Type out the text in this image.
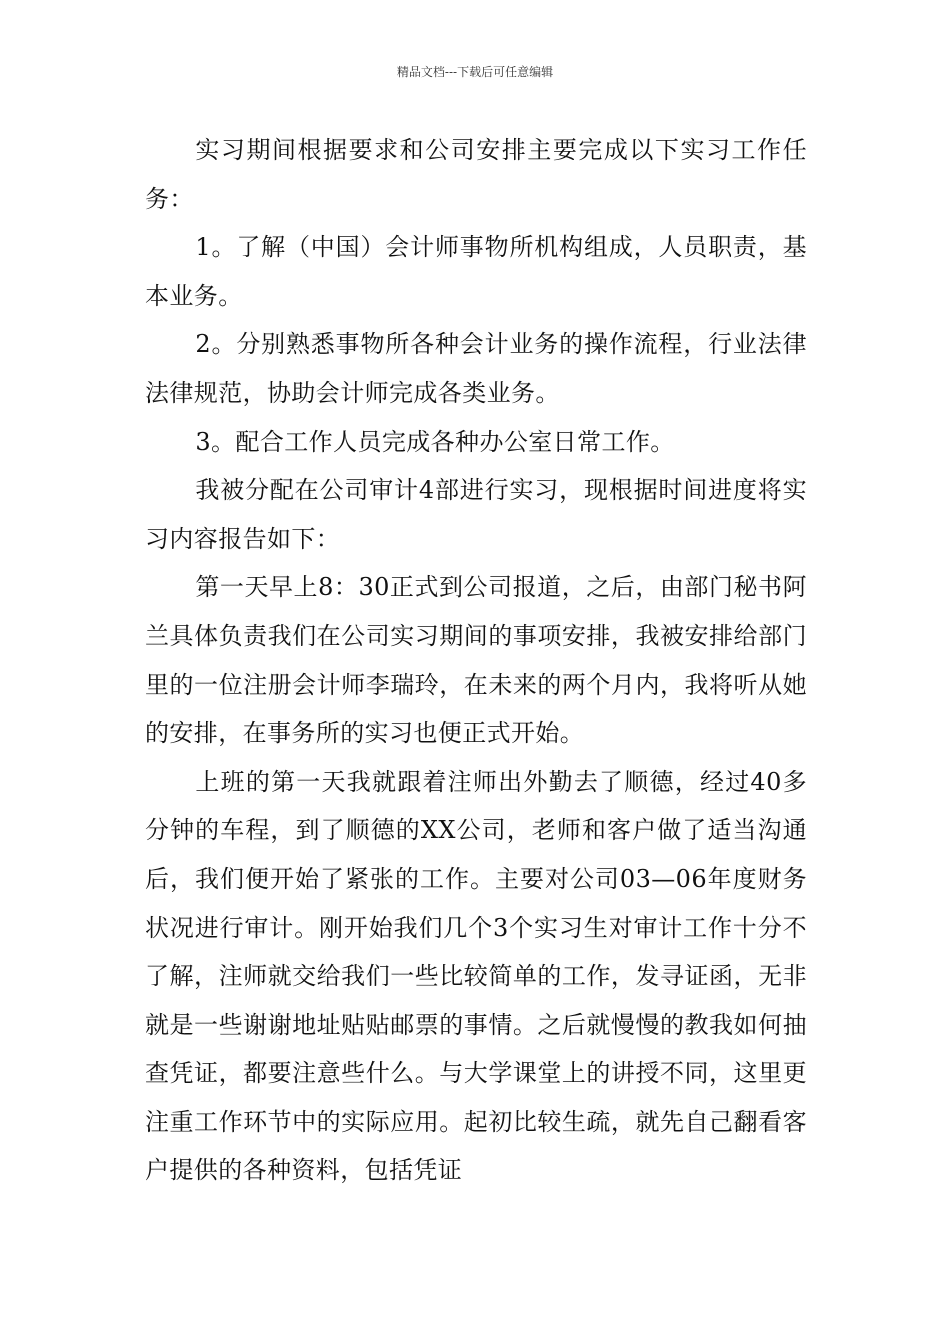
精品文档---下载后可任意编辑

实习期间根据要求和公司安排主要完成以下实习工作任务：

1。了解（中国）会计师事物所机构组成，人员职责，基本业务。

2。分别熟悉事物所各种会计业务的操作流程，行业法律法律规范，协助会计师完成各类业务。

3。配合工作人员完成各种办公室日常工作。

我被分配在公司审计4部进行实习，现根据时间进度将实习内容报告如下：

第一天早上8：30正式到公司报道，之后，由部门秘书阿兰具体负责我们在公司实习期间的事项安排，我被安排给部门里的一位注册会计师李瑞玲，在未来的两个月内，我将听从她的安排，在事务所的实习也便正式开始。

上班的第一天我就跟着注师出外勤去了顺德，经过40多分钟的车程，到了顺德的XX公司，老师和客户做了适当沟通后，我们便开始了紧张的工作。主要对公司03—06年度财务状况进行审计。刚开始我们几个3个实习生对审计工作十分不了解，注师就交给我们一些比较简单的工作，发寻证函，无非就是一些谢谢地址贴贴邮票的事情。之后就慢慢的教我如何抽查凭证，都要注意些什么。与大学课堂上的讲授不同，这里更注重工作环节中的实际应用。起初比较生疏，就先自己翻看客户提供的各种资料，包括凭证
